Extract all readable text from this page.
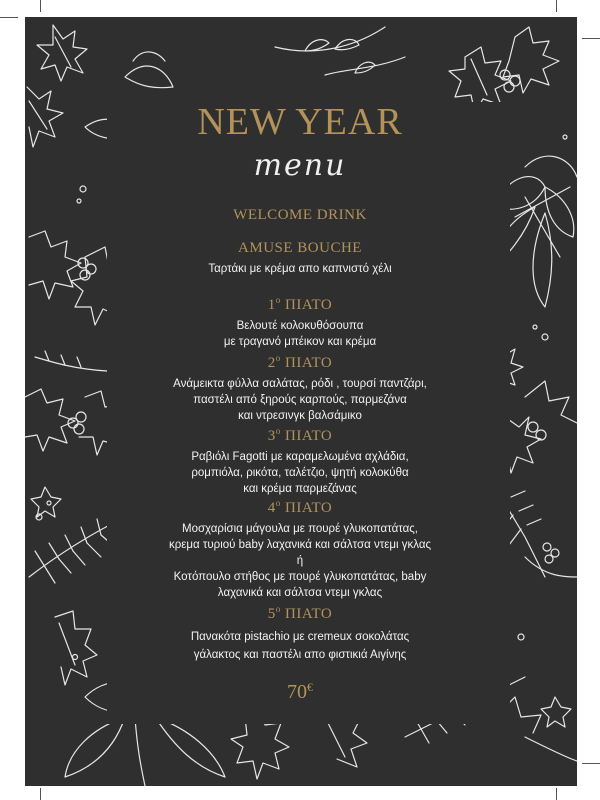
NEW YEAR
menu
WELCOME DRINK
AMUSE BOUCHE
Ταρτάκι με κρέμα απο καπνιστό χέλι
$1^o$ ΠΙΑΤΟ
Βελουτέ κολοκυθόσουπα
με τραγανό μπέικον και κρέμα
$2^o$ ΠΙΑΤΟ
Ανάμεικτα φύλλα σαλάτας, ρόδι , τουρσί παντζάρι,
παστέλι από ξηρούς καρπούς, παρμεζάνα
και ντρεσινγκ βαλσάμικο
$3^o$ ΠΙΑΤΟ
Ραβιόλι Fagotti με καραμελωμένα αχλάδια,
ρομπιόλα, ρικότα, ταλέτζιο, ψητή κολοκύθα
και κρέμα παρμεζάνας
$4^o$ ΠΙΑΤΟ
Μοσχαρίσια μάγουλα με πουρέ γλυκοπατάτας,
κρεμα τυριού baby λαχανικά και σάλτσα ντεμι γκλας
ή
Κοτόπουλο στήθος με πουρέ γλυκοπατάτας, baby
λαχανικά και σάλτσα ντεμι γκλας
$5^o$ ΠΙΑΤΟ
Πανακότα pistachio με cremeux σοκολάτας
γάλακτος και παστέλι απο φιστικιά Αιγίνης
70€
